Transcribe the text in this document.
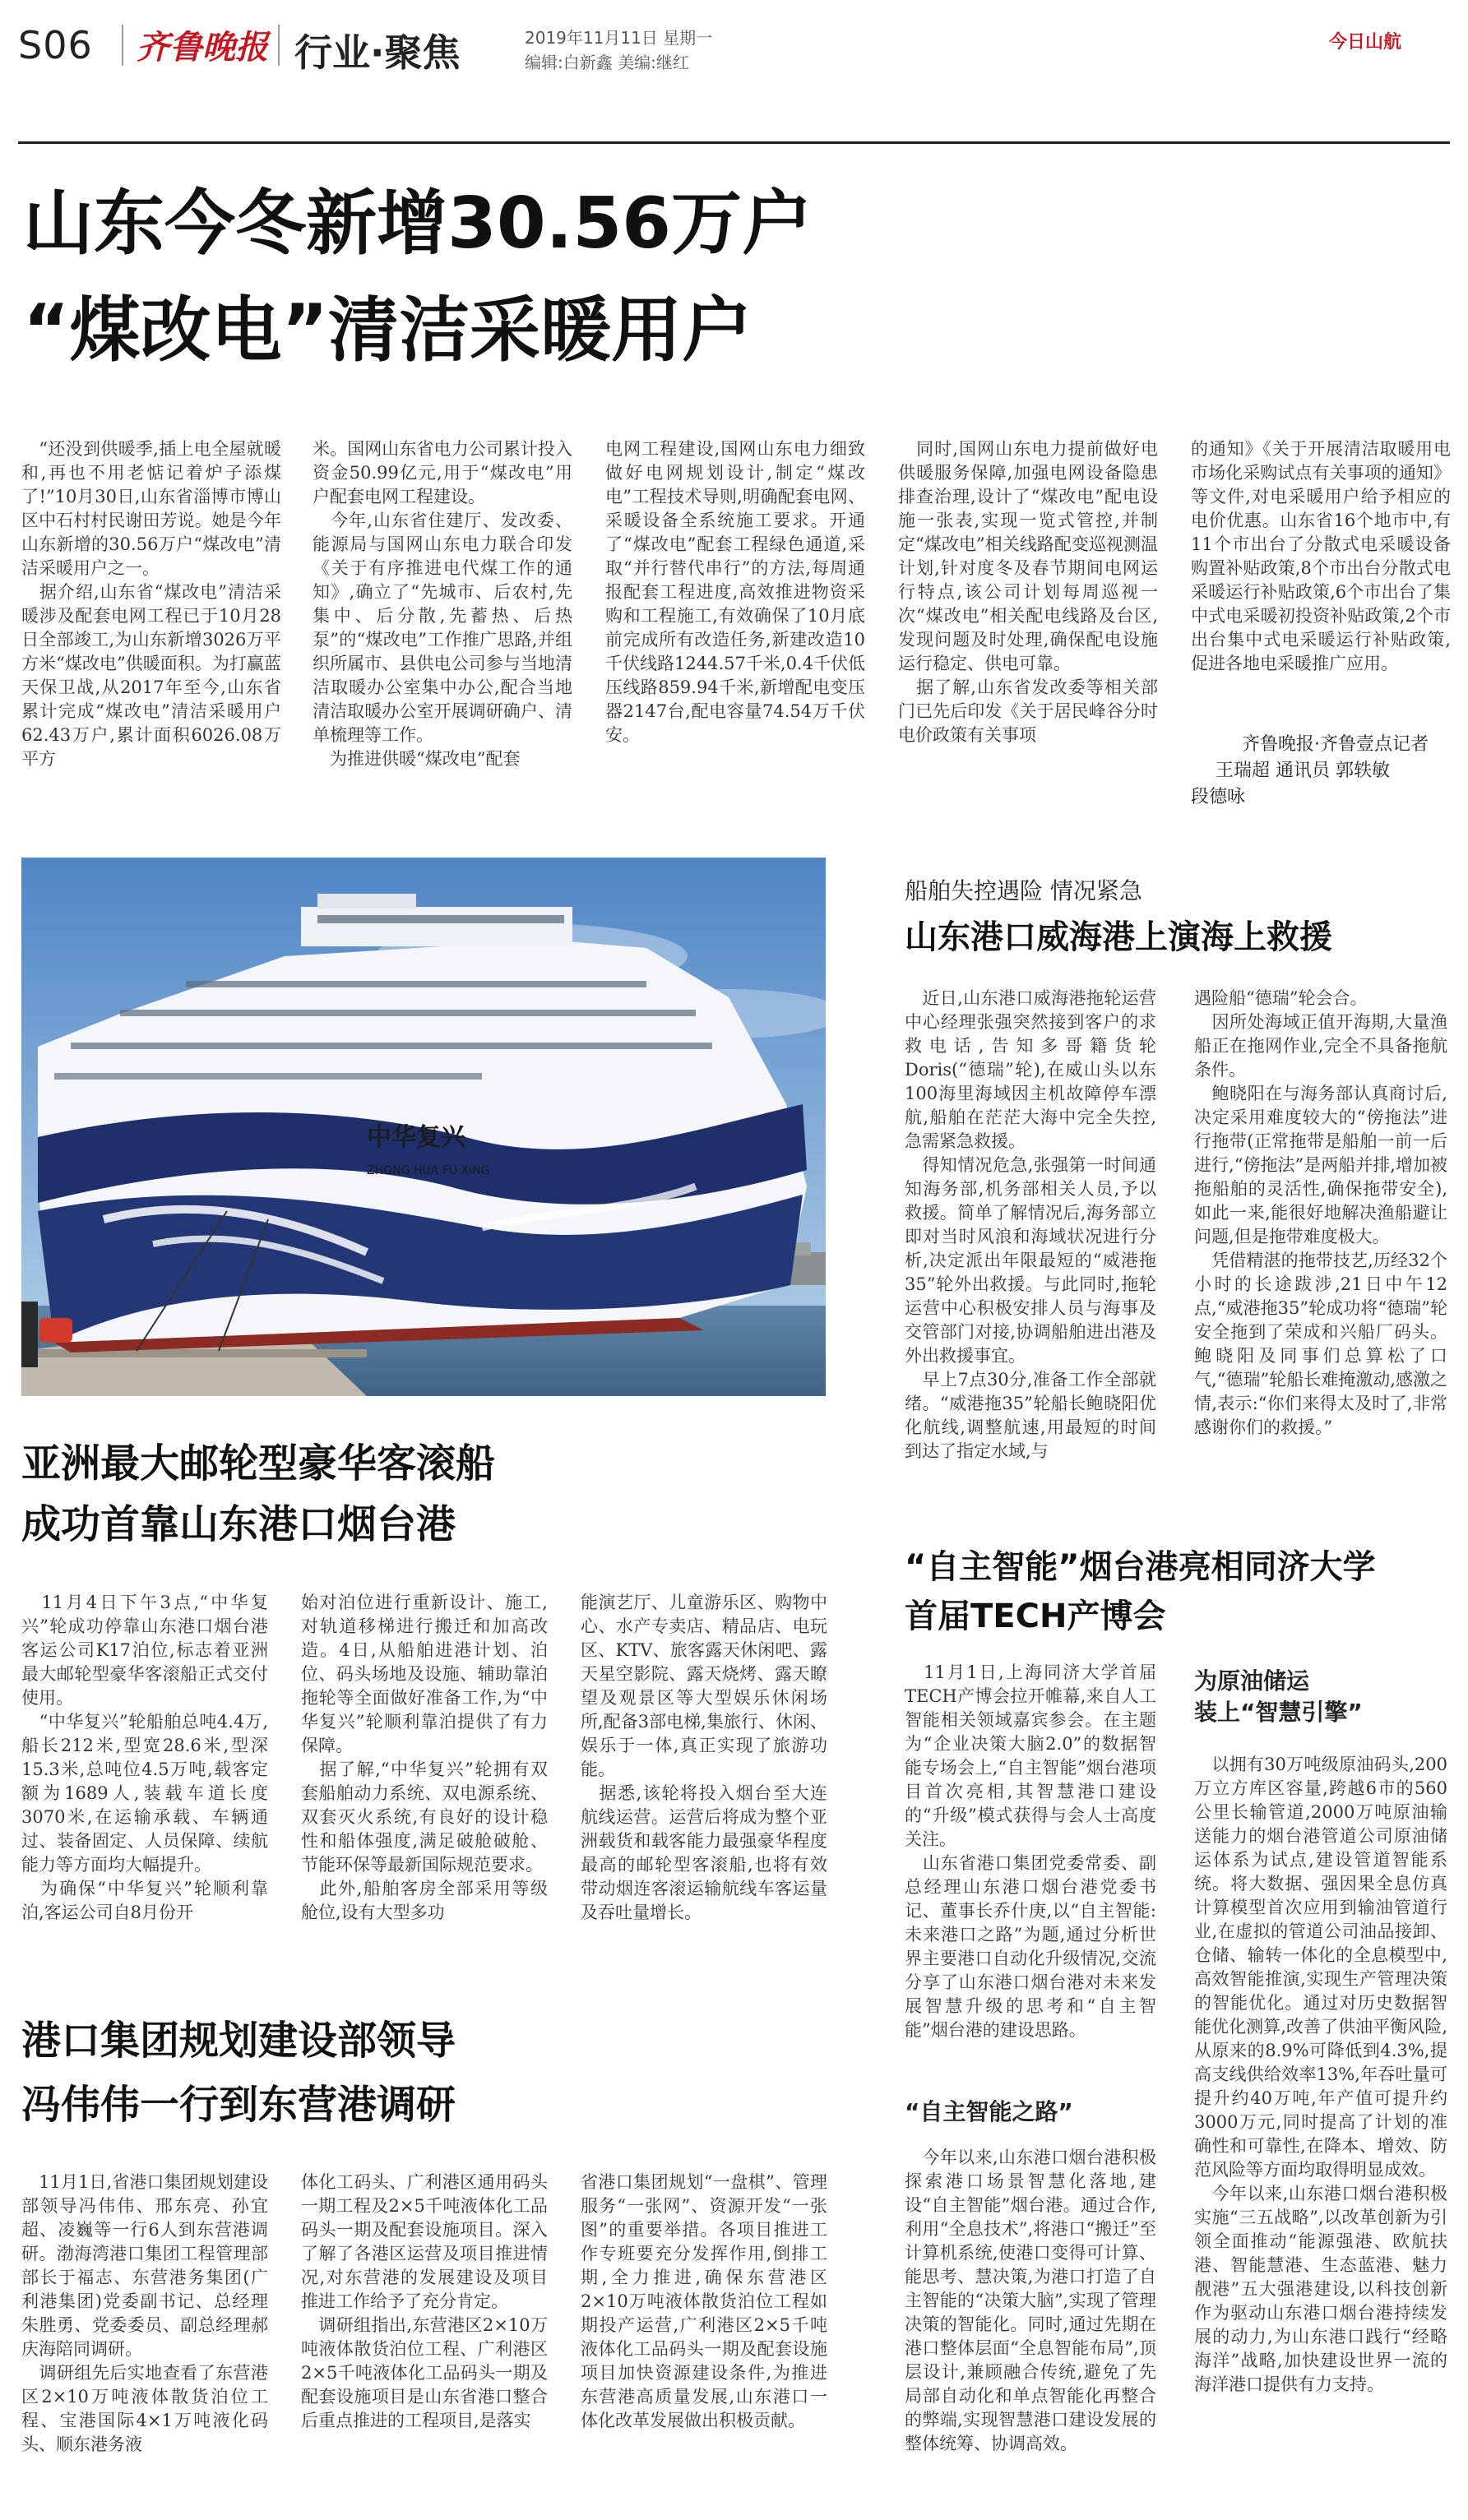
S06 齐鲁晚报 行业·聚焦	2019年11月11日 星期一
编辑:白新鑫 美编:继红
今日山航
山东今冬新增30.56万户
“煤改电”清洁采暖用户
　“还没到供暖季,插上电全屋就暖和,再也不用老惦记着炉子添煤了!”10月30日,山东省淄博市博山区中石村村民谢田芳说。她是今年山东新增的30.56万户“煤改电”清洁采暖用户之一。
　据介绍,山东省“煤改电”清洁采暖涉及配套电网工程已于10月28日全部竣工,为山东新增3026万平方米“煤改电”供暖面积。为打赢蓝天保卫战,从2017年至今,山东省累计完成“煤改电”清洁采暖用户62.43万户,累计面积6026.08万平方
米。国网山东省电力公司累计投入资金50.99亿元,用于“煤改电”用户配套电网工程建设。
　今年,山东省住建厅、发改委、能源局与国网山东电力联合印发《关于有序推进电代煤工作的通知》,确立了“先城市、后农村,先集中、后分散,先蓄热、后热泵”的“煤改电”工作推广思路,并组织所属市、县供电公司参与当地清洁取暖办公室集中办公,配合当地清洁取暖办公室开展调研确户、清单梳理等工作。
　为推进供暖“煤改电”配套
电网工程建设,国网山东电力细致做好电网规划设计,制定“煤改电”工程技术导则,明确配套电网、采暖设备全系统施工要求。开通了“煤改电”配套工程绿色通道,采取“并行替代串行”的方法,每周通报配套工程进度,高效推进物资采购和工程施工,有效确保了10月底前完成所有改造任务,新建改造10千伏线路1244.57千米,0.4千伏低压线路859.94千米,新增配电变压器2147台,配电容量74.54万千伏安。
　同时,国网山东电力提前做好电供暖服务保障,加强电网设备隐患排查治理,设计了“煤改电”配电设施一张表,实现一览式管控,并制定“煤改电”相关线路配变巡视测温计划,针对度冬及春节期间电网运行特点,该公司计划每周巡视一次“煤改电”相关配电线路及台区,发现问题及时处理,确保配电设施运行稳定、供电可靠。
　据了解,山东省发改委等相关部门已先后印发《关于居民峰谷分时电价政策有关事项
的通知》《关于开展清洁取暖用电市场化采购试点有关事项的通知》等文件,对电采暖用户给予相应的电价优惠。山东省16个地市中,有11个市出台了分散式电采暖设备购置补贴政策,8个市出台分散式电采暖运行补贴政策,6个市出台了集中式电采暖初投资补贴政策,2个市出台集中式电采暖运行补贴政策,促进各地电采暖推广应用。
齐鲁晚报·齐鲁壹点记者
王瑞超 通讯员 郭轶敏
段德咏
中华复兴
ZHONG HUA FU XING
亚洲最大邮轮型豪华客滚船
成功首靠山东港口烟台港
　11月4日下午3点,“中华复兴”轮成功停靠山东港口烟台港客运公司K17泊位,标志着亚洲最大邮轮型豪华客滚船正式交付使用。
　“中华复兴”轮船舶总吨4.4万,船长212米,型宽28.6米,型深15.3米,总吨位4.5万吨,载客定额为1689人,装载车道长度3070米,在运输承载、车辆通过、装备固定、人员保障、续航能力等方面均大幅提升。
　为确保“中华复兴”轮顺利靠泊,客运公司自8月份开
始对泊位进行重新设计、施工,对轨道移梯进行搬迁和加高改造。4日,从船舶进港计划、泊位、码头场地及设施、辅助靠泊拖轮等全面做好准备工作,为“中华复兴”轮顺利靠泊提供了有力保障。
　据了解,“中华复兴”轮拥有双套船舶动力系统、双电源系统、双套灭火系统,有良好的设计稳性和船体强度,满足破舱破舱、节能环保等最新国际规范要求。
　此外,船舶客房全部采用等级舱位,设有大型多功
能演艺厅、儿童游乐区、购物中心、水产专卖店、精品店、电玩区、KTV、旅客露天休闲吧、露天星空影院、露天烧烤、露天瞭望及观景区等大型娱乐休闲场所,配备3部电梯,集旅行、休闲、娱乐于一体,真正实现了旅游功能。
　据悉,该轮将投入烟台至大连航线运营。运营后将成为整个亚洲载货和载客能力最强豪华程度最高的邮轮型客滚船,也将有效带动烟连客滚运输航线车客运量及吞吐量增长。
船舶失控遇险 情况紧急
山东港口威海港上演海上救援
　近日,山东港口威海港拖轮运营中心经理张强突然接到客户的求救电话,告知多哥籍货轮Doris(“德瑞”轮),在威山头以东100海里海域因主机故障停车漂航,船舶在茫茫大海中完全失控,急需紧急救援。
　得知情况危急,张强第一时间通知海务部,机务部相关人员,予以救援。简单了解情况后,海务部立即对当时风浪和海域状况进行分析,决定派出年限最短的“威港拖35”轮外出救援。与此同时,拖轮运营中心积极安排人员与海事及交管部门对接,协调船舶进出港及外出救援事宜。
　早上7点30分,准备工作全部就绪。“威港拖35”轮船长鲍晓阳优化航线,调整航速,用最短的时间到达了指定水域,与
遇险船“德瑞”轮会合。
　因所处海域正值开海期,大量渔船正在拖网作业,完全不具备拖航条件。
　鲍晓阳在与海务部认真商讨后,决定采用难度较大的“傍拖法”进行拖带(正常拖带是船舶一前一后进行,“傍拖法”是两船并排,增加被拖船舶的灵活性,确保拖带安全),如此一来,能很好地解决渔船避让问题,但是拖带难度极大。
　凭借精湛的拖带技艺,历经32个小时的长途跋涉,21日中午12点,“威港拖35”轮成功将“德瑞”轮安全拖到了荣成和兴船厂码头。鲍晓阳及同事们总算松了口气,“德瑞”轮船长难掩激动,感激之情,表示:“你们来得太及时了,非常感谢你们的救援。”
“自主智能”烟台港亮相同济大学
首届TECH产博会
　11月1日,上海同济大学首届TECH产博会拉开帷幕,来自人工智能相关领域嘉宾参会。在主题为“企业决策大脑2.0”的数据智能专场会上,“自主智能”烟台港项目首次亮相,其智慧港口建设的“升级”模式获得与会人士高度关注。
　山东省港口集团党委常委、副总经理山东港口烟台港党委书记、董事长乔什庚,以“自主智能:未来港口之路”为题,通过分析世界主要港口自动化升级情况,交流分享了山东港口烟台港对未来发展智慧升级的思考和“自主智能”烟台港的建设思路。
“自主智能之路”
　今年以来,山东港口烟台港积极探索港口场景智慧化落地,建设“自主智能”烟台港。通过合作,利用“全息技术”,将港口“搬迁”至计算机系统,使港口变得可计算、能思考、慧决策,为港口打造了自主智能的“决策大脑”,实现了管理决策的智能化。同时,通过先期在港口整体层面“全息智能布局”,顶层设计,兼顾融合传统,避免了先局部自动化和单点智能化再整合的弊端,实现智慧港口建设发展的整体统筹、协调高效。
为原油储运
装上“智慧引擎”
　以拥有30万吨级原油码头,200万立方库区容量,跨越6市的560公里长输管道,2000万吨原油输送能力的烟台港管道公司原油储运体系为试点,建设管道智能系统。将大数据、强因果全息仿真计算模型首次应用到输油管道行业,在虚拟的管道公司油品接卸、仓储、输转一体化的全息模型中,高效智能推演,实现生产管理决策的智能优化。通过对历史数据智能优化测算,改善了供油平衡风险,从原来的8.9%可降低到4.3%,提高支线供给效率13%,年吞吐量可提升约40万吨,年产值可提升约3000万元,同时提高了计划的准确性和可靠性,在降本、增效、防范风险等方面均取得明显成效。
　今年以来,山东港口烟台港积极实施“三五战略”,以改革创新为引领全面推动“能源强港、欧航扶港、智能慧港、生态蓝港、魅力靓港”五大强港建设,以科技创新作为驱动山东港口烟台港持续发展的动力,为山东港口践行“经略海洋”战略,加快建设世界一流的海洋港口提供有力支持。
港口集团规划建设部领导
冯伟伟一行到东营港调研
　11月1日,省港口集团规划建设部领导冯伟伟、邢东亮、孙宜超、凌巍等一行6人到东营港调研。渤海湾港口集团工程管理部部长于福志、东营港务集团(广利港集团)党委副书记、总经理朱胜勇、党委委员、副总经理郝庆海陪同调研。
　调研组先后实地查看了东营港区2×10万吨液体散货泊位工程、宝港国际4×1万吨液化码头、顺东港务液
体化工码头、广利港区通用码头一期工程及2×5千吨液体化工品码头一期及配套设施项目。深入了解了各港区运营及项目推进情况,对东营港的发展建设及项目推进工作给予了充分肯定。
　调研组指出,东营港区2×10万吨液体散货泊位工程、广利港区2×5千吨液体化工品码头一期及配套设施项目是山东省港口整合后重点推进的工程项目,是落实
省港口集团规划“一盘棋”、管理服务“一张网”、资源开发“一张图”的重要举措。各项目推进工作专班要充分发挥作用,倒排工期,全力推进,确保东营港区2×10万吨液体散货泊位工程如期投产运营,广利港区2×5千吨液体化工品码头一期及配套设施项目加快资源建设条件,为推进东营港高质量发展,山东港口一体化改革发展做出积极贡献。
